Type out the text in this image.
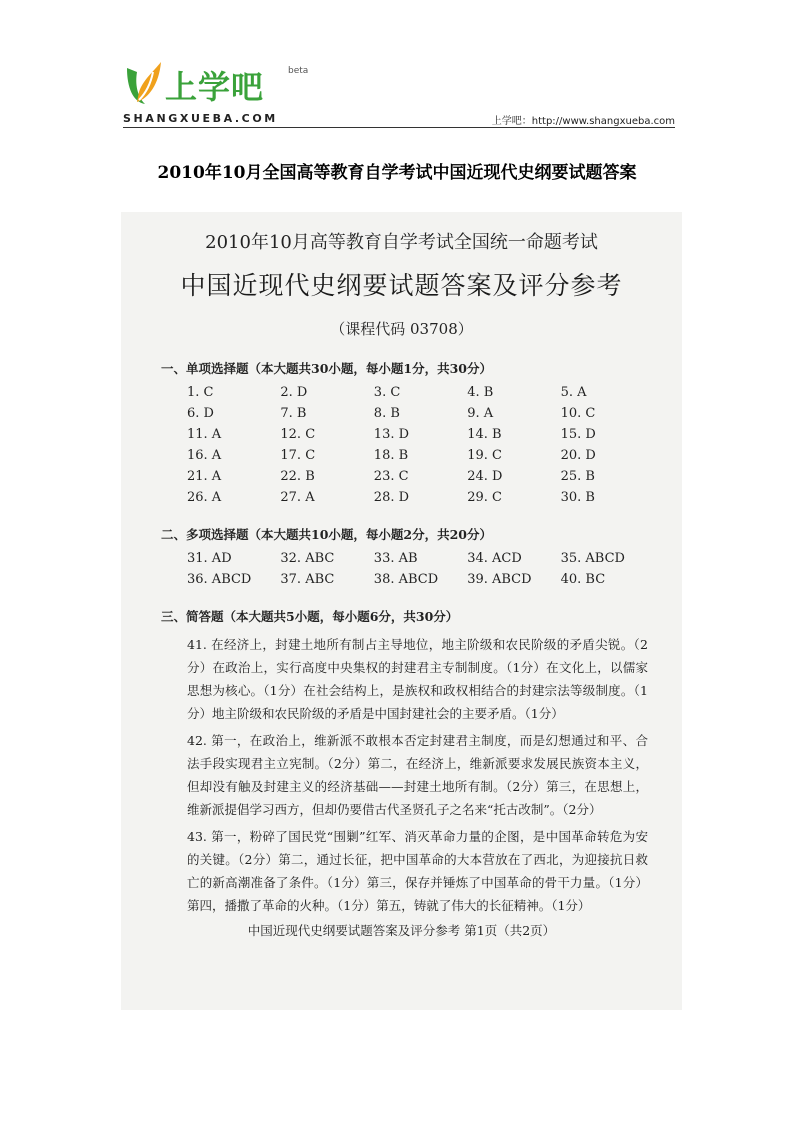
上学吧	beta
SHANGXUEBA.COM	上学吧：http://www.shangxueba.com
2010年10月全国高等教育自学考试中国近现代史纲要试题答案
2010年10月高等教育自学考试全国统一命题考试
中国近现代史纲要试题答案及评分参考
（课程代码 03708）
一、单项选择题（本大题共30小题，每小题1分，共30分）
1. C	2. D	3. C	4. B	5. A
6. D	7. B	8. B	9. A	10. C
11. A	12. C	13. D	14. B	15. D
16. A	17. C	18. B	19. C	20. D
21. A	22. B	23. C	24. D	25. B
26. A	27. A	28. D	29. C	30. B
二、多项选择题（本大题共10小题，每小题2分，共20分）
31. AD	32. ABC	33. AB	34. ACD	35. ABCD
36. ABCD	37. ABC	38. ABCD	39. ABCD	40. BC
三、简答题（本大题共5小题，每小题6分，共30分）

41. 在经济上，封建土地所有制占主导地位，地主阶级和农民阶级的矛盾尖锐。（2分）在政治上，实行高度中央集权的封建君主专制制度。（1分）在文化上，以儒家思想为核心。（1分）在社会结构上，是族权和政权相结合的封建宗法等级制度。（1分）地主阶级和农民阶级的矛盾是中国封建社会的主要矛盾。（1分）

42. 第一，在政治上，维新派不敢根本否定封建君主制度，而是幻想通过和平、合法手段实现君主立宪制。（2分）第二，在经济上，维新派要求发展民族资本主义，但却没有触及封建主义的经济基础——封建土地所有制。（2分）第三，在思想上，维新派提倡学习西方，但却仍要借古代圣贤孔子之名来“托古改制”。（2分）

43. 第一，粉碎了国民党“围剿”红军、消灭革命力量的企图，是中国革命转危为安的关键。（2分）第二，通过长征，把中国革命的大本营放在了西北，为迎接抗日救亡的新高潮准备了条件。（1分）第三，保存并锤炼了中国革命的骨干力量。（1分）第四，播撒了革命的火种。（1分）第五，铸就了伟大的长征精神。（1分）

中国近现代史纲要试题答案及评分参考 第1页（共2页）
